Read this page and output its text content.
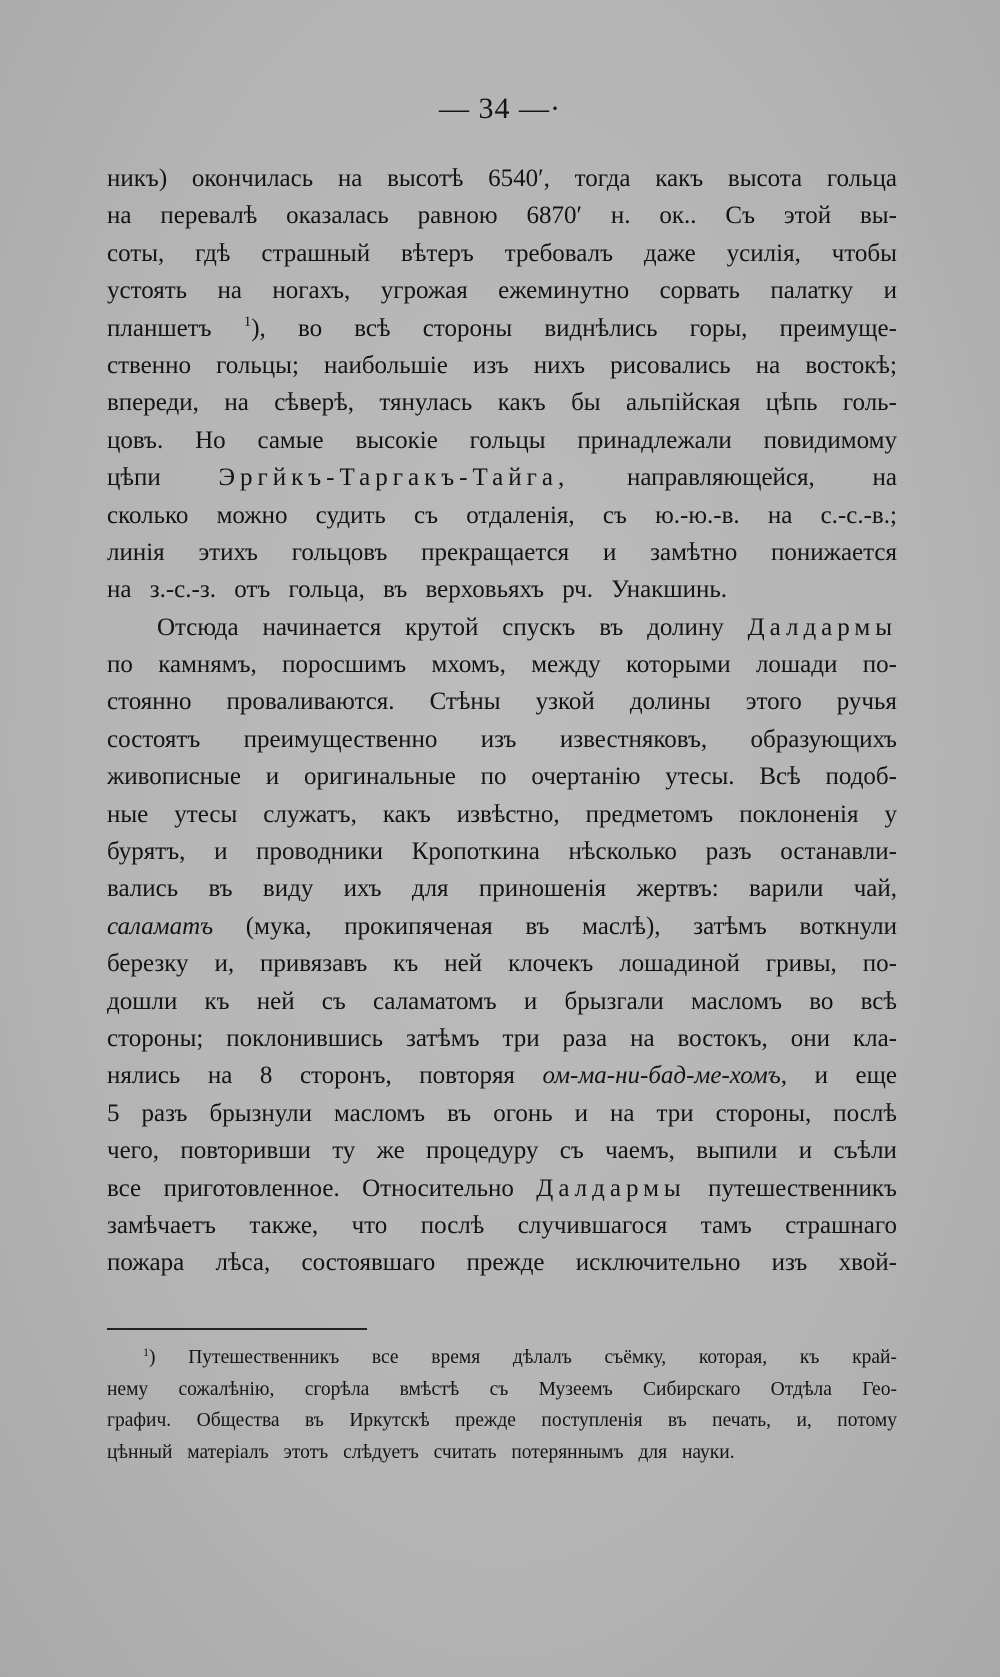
— 34 —·
никъ) окончилась на высотѣ 6540′, тогда какъ высота гольца
на перевалѣ оказалась равною 6870′ н. ок.. Съ этой вы-
соты, гдѣ страшный вѣтеръ требовалъ даже усилія, чтобы
устоять на ногахъ, угрожая ежеминутно сорвать палатку и
планшетъ $^1$), во всѣ стороны виднѣлись горы, преимуще-
ственно гольцы; наибольшіе изъ нихъ рисовались на востокѣ;
впереди, на сѣверѣ, тянулась какъ бы альпійская цѣпь голь-
цовъ. Но самые высокіе гольцы принадлежали повидимому
цѣпи Эргйкъ-Таргакъ-Тайга, направляющейся, на
сколько можно судить съ отдаленія, съ ю.-ю.-в. на с.-с.-в.;
линія этихъ гольцовъ прекращается и замѣтно понижается
на з.-с.-з. отъ гольца, въ верховьяхъ рч. Унакшинь.
Отсюда начинается крутой спускъ въ долину Далдармы
по камнямъ, поросшимъ мхомъ, между которыми лошади по-
стоянно проваливаются. Стѣны узкой долины этого ручья
состоятъ преимущественно изъ известняковъ, образующихъ
живописные и оригинальные по очертанію утесы. Всѣ подоб-
ные утесы служатъ, какъ извѣстно, предметомъ поклоненія у
бурятъ, и проводники Кропоткина нѣсколько разъ останавли-
вались въ виду ихъ для приношенія жертвъ: варили чай,
саламатъ (мука, прокипяченая въ маслѣ), затѣмъ воткнули
березку и, привязавъ къ ней клочекъ лошадиной гривы, по-
дошли къ ней съ саламатомъ и брызгали масломъ во всѣ
стороны; поклонившись затѣмъ три раза на востокъ, они кла-
нялись на 8 сторонъ, повторяя ом-ма-ни-бад-ме-хомъ, и еще
5 разъ брызнули масломъ въ огонь и на три стороны, послѣ
чего, повторивши ту же процедуру съ чаемъ, выпили и съѣли
все приготовленное. Относительно Далдармы путешественникъ
замѣчаетъ также, что послѣ случившагося тамъ страшнаго
пожара лѣса, состоявшаго прежде исключительно изъ хвой-
$^1$) Путешественникъ все время дѣлалъ съёмку, которая, къ край-
нему сожалѣнію, сгорѣла вмѣстѣ съ Музеемъ Сибирскаго Отдѣла Гео-
графич. Общества въ Иркутскѣ прежде поступленія въ печать, и, потому
цѣнный матеріалъ этотъ слѣдуетъ считать потеряннымъ для науки.
